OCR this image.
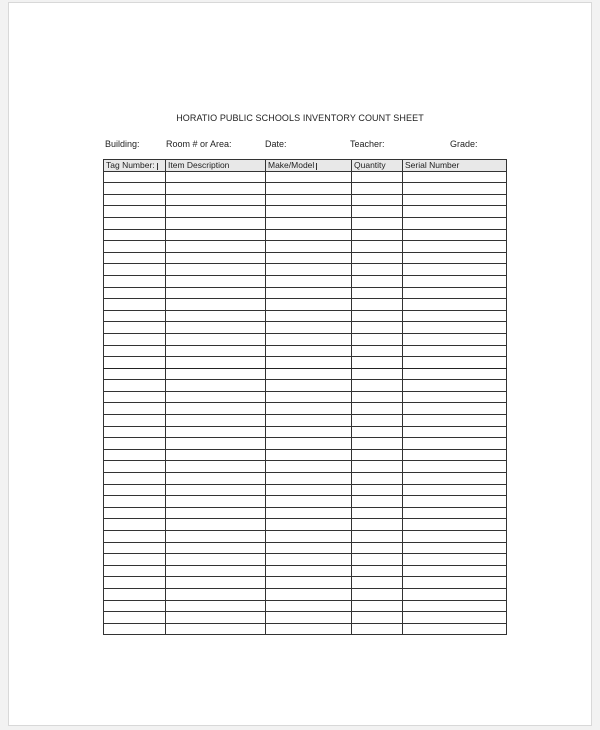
HORATIO PUBLIC SCHOOLS INVENTORY COUNT SHEET
Building:	Room # or Area:	Date:	Teacher:	Grade:
Tag Number:	Item Description	Make/Model	Quantity	Serial Number
